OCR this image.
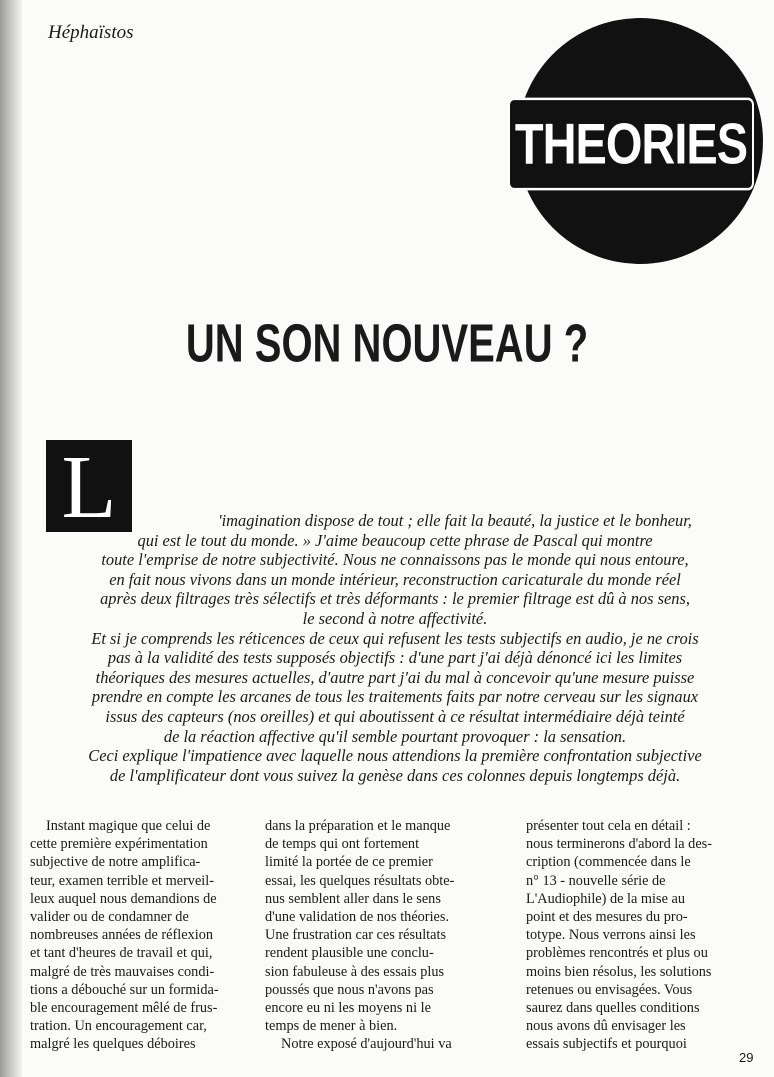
Héphaïstos
THEORIES
UN SON NOUVEAU ?
L	'imagination dispose de tout ; elle fait la beauté, la justice et le bonheur,
qui est le tout du monde. » J'aime beaucoup cette phrase de Pascal qui montre
toute l'emprise de notre subjectivité. Nous ne connaissons pas le monde qui nous entoure,
en fait nous vivons dans un monde intérieur, reconstruction caricaturale du monde réel
après deux filtrages très sélectifs et très déformants : le premier filtrage est dû à nos sens,
le second à notre affectivité.
Et si je comprends les réticences de ceux qui refusent les tests subjectifs en audio, je ne crois
pas à la validité des tests supposés objectifs : d'une part j'ai déjà dénoncé ici les limites
théoriques des mesures actuelles, d'autre part j'ai du mal à concevoir qu'une mesure puisse
prendre en compte les arcanes de tous les traitements faits par notre cerveau sur les signaux
issus des capteurs (nos oreilles) et qui aboutissent à ce résultat intermédiaire déjà teinté
de la réaction affective qu'il semble pourtant provoquer : la sensation.
Ceci explique l'impatience avec laquelle nous attendions la première confrontation subjective
de l'amplificateur dont vous suivez la genèse dans ces colonnes depuis longtemps déjà.
Instant magique que celui de
cette première expérimentation
subjective de notre amplifica-
teur, examen terrible et merveil-
leux auquel nous demandions de
valider ou de condamner de
nombreuses années de réflexion
et tant d'heures de travail et qui,
malgré de très mauvaises condi-
tions a débouché sur un formida-
ble encouragement mêlé de frus-
tration. Un encouragement car,
malgré les quelques déboires
dans la préparation et le manque
de temps qui ont fortement
limité la portée de ce premier
essai, les quelques résultats obte-
nus semblent aller dans le sens
d'une validation de nos théories.
Une frustration car ces résultats
rendent plausible une conclu-
sion fabuleuse à des essais plus
poussés que nous n'avons pas
encore eu ni les moyens ni le
temps de mener à bien.
Notre exposé d'aujourd'hui va
présenter tout cela en détail :
nous terminerons d'abord la des-
cription (commencée dans le
n° 13 - nouvelle série de
L'Audiophile) de la mise au
point et des mesures du pro-
totype. Nous verrons ainsi les
problèmes rencontrés et plus ou
moins bien résolus, les solutions
retenues ou envisagées. Vous
saurez dans quelles conditions
nous avons dû envisager les
essais subjectifs et pourquoi
29
